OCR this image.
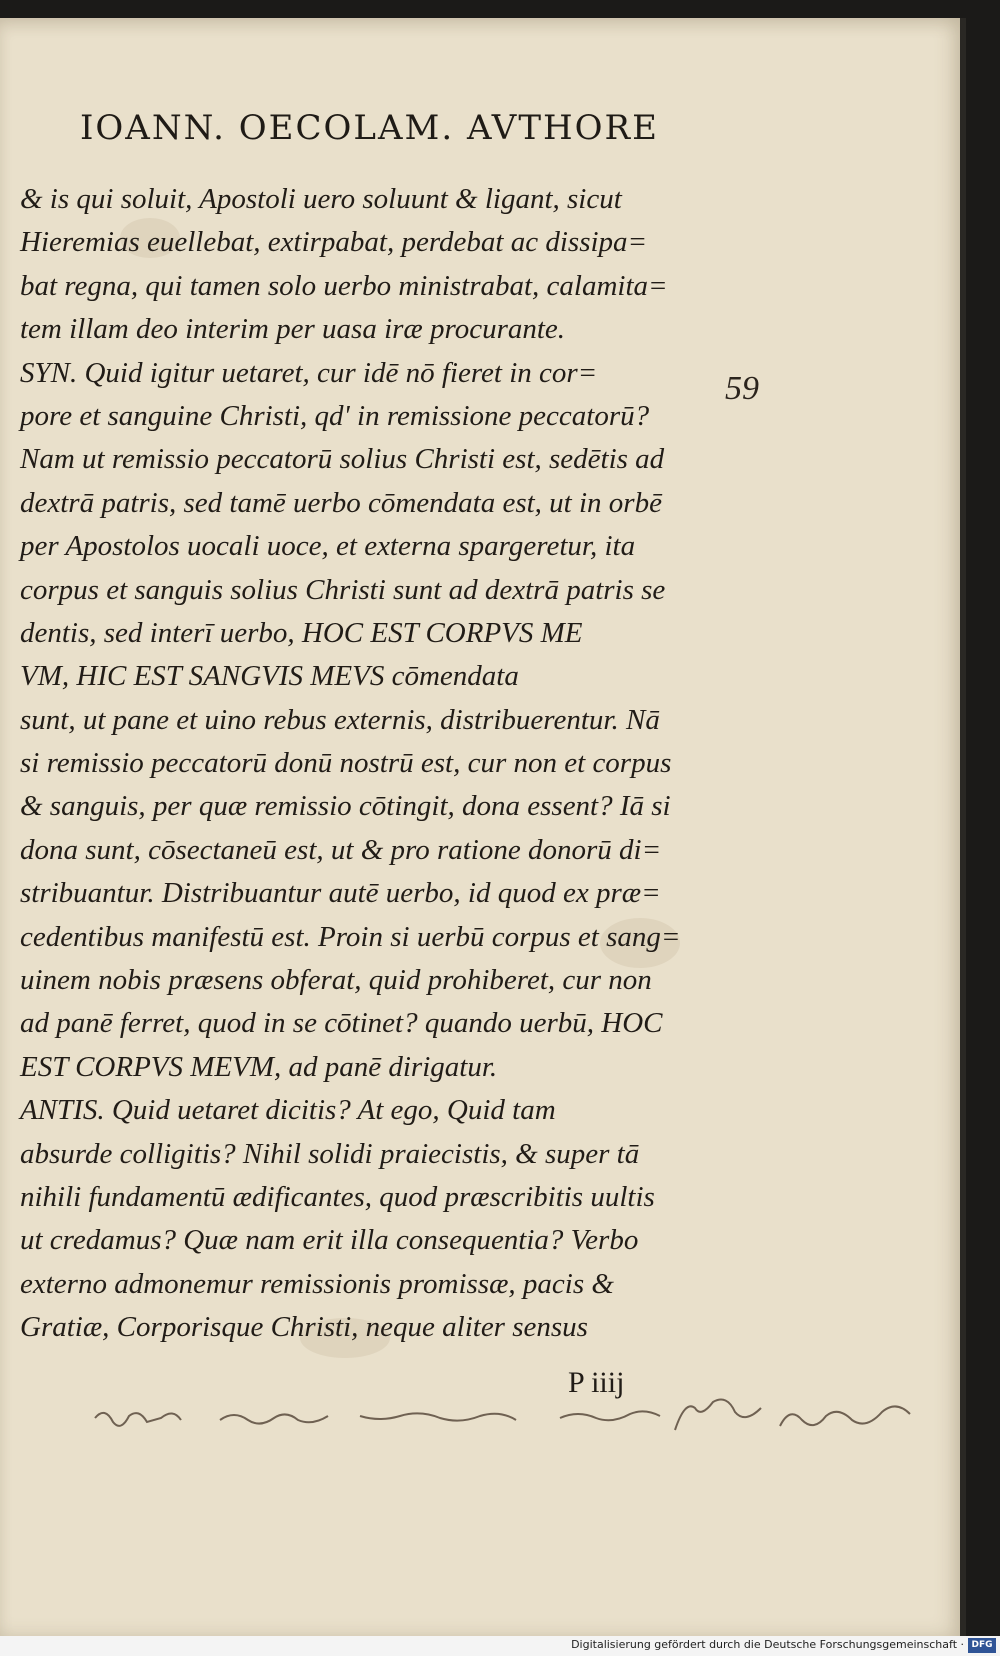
IOANN. OECOLAM. AVTHORE
& is qui soluit, Apostoli uero soluunt & ligant, sicut
Hieremias euellebat, extirpabat, perdebat ac dissipa=
bat regna, qui tamen solo uerbo ministrabat, calamita=
tem illam deo interim per uasa iræ procurante.
SYN. Quid igitur uetaret, cur idē nō fieret in cor=
pore et sanguine Christi, qd' in remissione peccatorū?
Nam ut remissio peccatorū solius Christi est, sedētis ad
dextrā patris, sed tamē uerbo cōmendata est, ut in orbē
per Apostolos uocali uoce, et externa spargeretur, ita
corpus et sanguis solius Christi sunt ad dextrā patris se
dentis, sed interī uerbo, HOC EST CORPVS ME
VM, HIC EST SANGVIS MEVS cōmendata
sunt, ut pane et uino rebus externis, distribuerentur. Nā
si remissio peccatorū donū nostrū est, cur non et corpus
& sanguis, per quæ remissio cōtingit, dona essent? Iā si
dona sunt, cōsectaneū est, ut & pro ratione donorū di=
stribuantur. Distribuantur autē uerbo, id quod ex præ=
cedentibus manifestū est. Proin si uerbū corpus et sang=
uinem nobis præsens obferat, quid prohiberet, cur non
ad panē ferret, quod in se cōtinet? quando uerbū, HOC
EST CORPVS MEVM, ad panē dirigatur.
ANTIS. Quid uetaret dicitis? At ego, Quid tam
absurde colligitis? Nihil solidi praiecistis, & super tā
nihili fundamentū ædificantes, quod præscribitis uultis
ut credamus? Quæ nam erit illa consequentia? Verbo
externo admonemur remissionis promissæ, pacis &
Gratiæ, Corporisque Christi, neque aliter sensus
59
P iiij
Digitalisierung gefördert durch die Deutsche Forschungsgemeinschaft · DFG
